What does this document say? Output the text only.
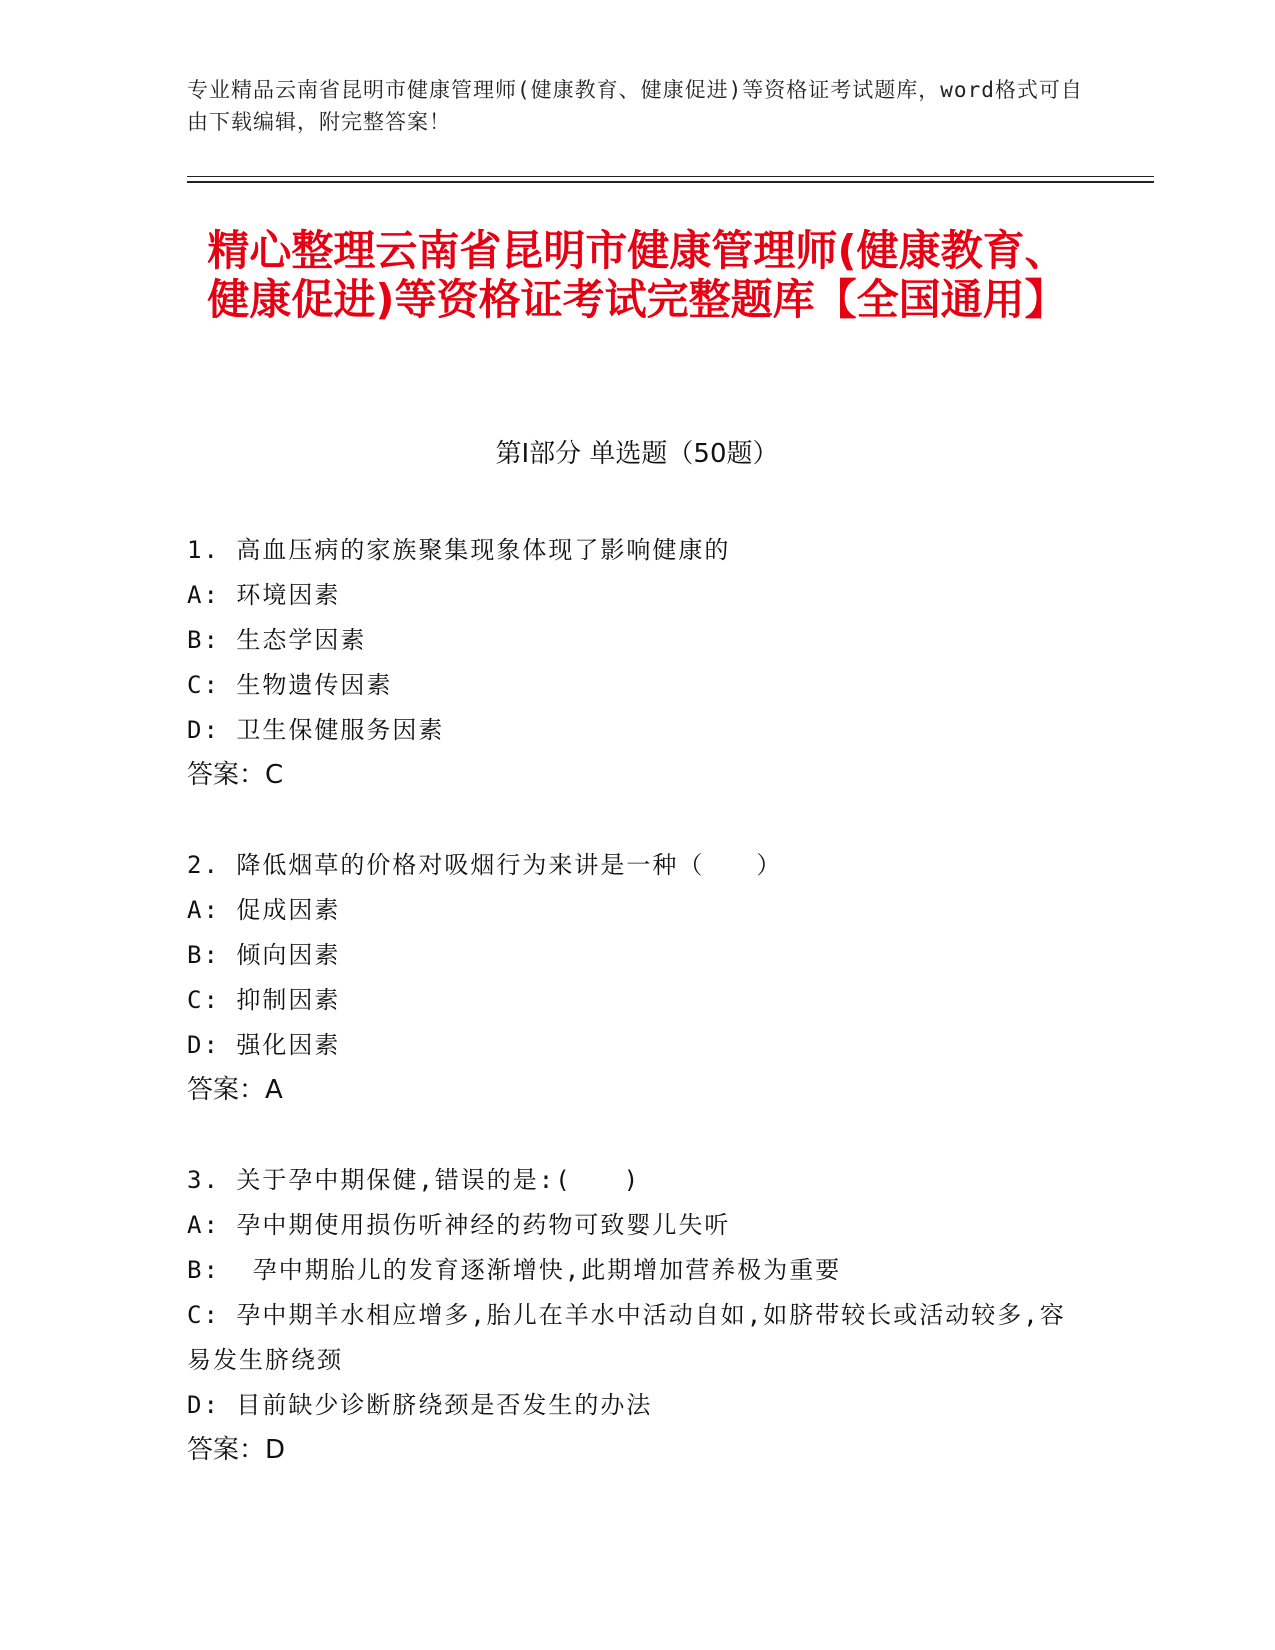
专业精品云南省昆明市健康管理师(健康教育、健康促进)等资格证考试题库，word格式可自由下载编辑，附完整答案！
精心整理云南省昆明市健康管理师(健康教育、健康促进)等资格证考试完整题库【全国通用】
第Ⅰ部分 单选题（50题）
1. 高血压病的家族聚集现象体现了影响健康的
A: 环境因素
B: 生态学因素
C: 生物遗传因素
D: 卫生保健服务因素
答案：C
2. 降低烟草的价格对吸烟行为来讲是一种（　　）
A: 促成因素
B: 倾向因素
C: 抑制因素
D: 强化因素
答案：A
3. 关于孕中期保健,错误的是:(　　)
A: 孕中期使用损伤听神经的药物可致婴儿失听
B:  孕中期胎儿的发育逐渐增快,此期增加营养极为重要
C: 孕中期羊水相应增多,胎儿在羊水中活动自如,如脐带较长或活动较多,容易发生脐绕颈
D: 目前缺少诊断脐绕颈是否发生的办法
答案：D
